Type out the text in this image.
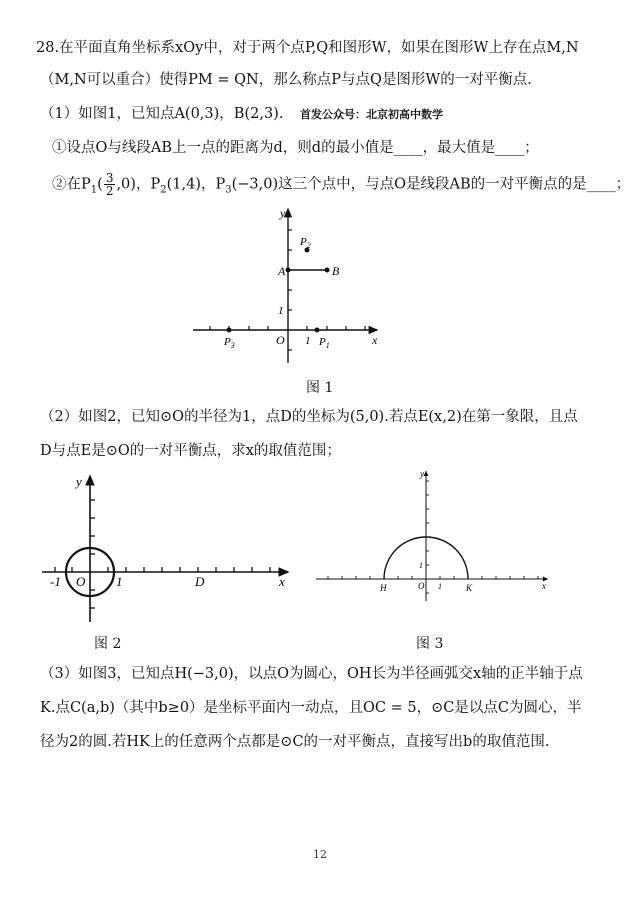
28.在平面直角坐标系xOy中，对于两个点P,Q和图形W，如果在图形W上存在点M,N
（M,N可以重合）使得PM = QN，那么称点P与点Q是图形W的一对平衡点.
（1）如图1，已知点A(0,3)，B(2,3). 首发公众号：北京初高中数学
①设点O与线段AB上一点的距离为d，则d的最小值是____，最大值是____；
②在$P_1( \frac{3}{2} ,0)$，$P_2(1,4)$，$P_3(-3,0)$这三个点中，与点O是线段AB的一对平衡点的是____；
y
x
O
A	B
$P_2$
$P_1$
$P_3$	1
1
图 1
（2）如图2，已知⊙O的半径为1，点D的坐标为(5,0).若点E(x,2)在第一象限，且点
D与点E是⊙O的一对平衡点，求x的取值范围；
y
x
O
-1	1	D
图 2
y
x
O
H	K
1
1
图 3
（3）如图3，已知点H(−3,0)，以点O为圆心，OH长为半径画弧交x轴的正半轴于点
K.点C(a,b)（其中b≥0）是坐标平面内一动点，且OC = 5，⊙C是以点C为圆心，半
径为2的圆.若HK上的任意两个点都是⊙C的一对平衡点，直接写出b的取值范围.
12
